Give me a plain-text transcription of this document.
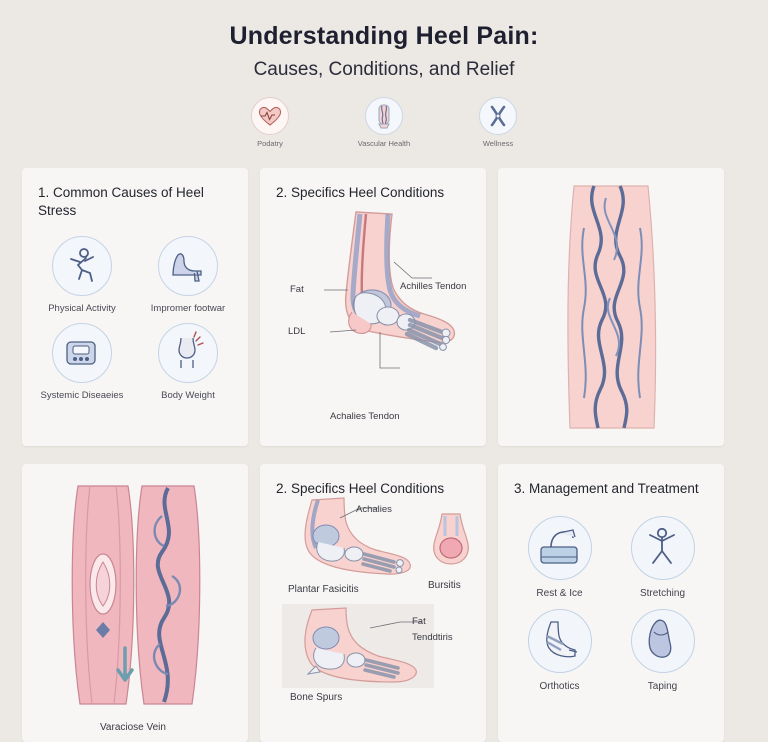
Understanding Heel Pain:
Causes, Conditions, and Relief
Podatry	Vascular Health	Wellness
1. Common Causes of Heel Stress
Physical Activity	Impromer footwar
Systemic Diseaeies	Body Weight
2. Specifics Heel Conditions
Fat
LDL
Achilles Tendon
Achalies Tendon
Varaciose Vein
2. Specifics Heel Conditions
Achalies
Plantar Fasicitis	Bursitis
Fat
Tenddtiris
Bone Spurs
3. Management and Treatment
Rest & Ice	Stretching
Orthotics	Taping
